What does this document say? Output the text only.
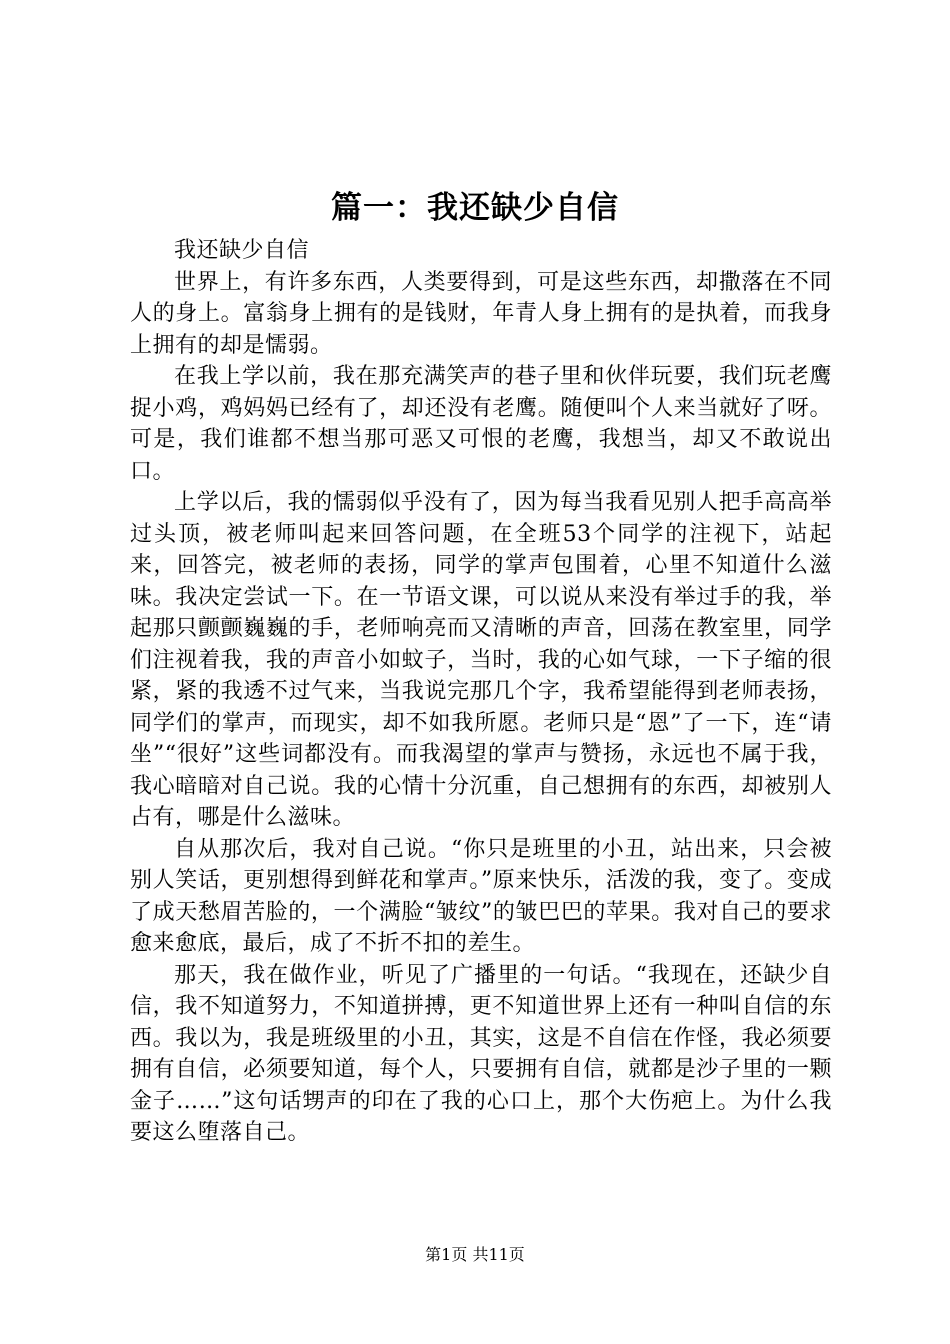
篇一：我还缺少自信

我还缺少自信

世界上，有许多东西，人类要得到，可是这些东西，却撒落在不同人的身上。富翁身上拥有的是钱财，年青人身上拥有的是执着，而我身上拥有的却是懦弱。

在我上学以前，我在那充满笑声的巷子里和伙伴玩要，我们玩老鹰捉小鸡，鸡妈妈已经有了，却还没有老鹰。随便叫个人来当就好了呀。可是，我们谁都不想当那可恶又可恨的老鹰，我想当，却又不敢说出口。

上学以后，我的懦弱似乎没有了，因为每当我看见别人把手高高举过头顶，被老师叫起来回答问题，在全班53个同学的注视下，站起来，回答完，被老师的表扬，同学的掌声包围着，心里不知道什么滋味。我决定尝试一下。在一节语文课，可以说从来没有举过手的我，举起那只颤颤巍巍的手，老师响亮而又清晰的声音，回荡在教室里，同学们注视着我，我的声音小如蚊子，当时，我的心如气球，一下子缩的很紧，紧的我透不过气来，当我说完那几个字，我希望能得到老师表扬，同学们的掌声，而现实，却不如我所愿。老师只是“恩”了一下，连“请坐”“很好”这些词都没有。而我渴望的掌声与赞扬，永远也不属于我，我心暗暗对自己说。我的心情十分沉重，自己想拥有的东西，却被别人占有，哪是什么滋味。

自从那次后，我对自己说。“你只是班里的小丑，站出来，只会被别人笑话，更别想得到鲜花和掌声。”原来快乐，活泼的我，变了。变成了成天愁眉苦脸的，一个满脸“皱纹”的皱巴巴的苹果。我对自己的要求愈来愈底，最后，成了不折不扣的差生。

那天，我在做作业，听见了广播里的一句话。“我现在，还缺少自信，我不知道努力，不知道拼搏，更不知道世界上还有一种叫自信的东西。我以为，我是班级里的小丑，其实，这是不自信在作怪，我必须要拥有自信，必须要知道，每个人，只要拥有自信，就都是沙子里的一颗金子……”这句话甥声的印在了我的心口上，那个大伤疤上。为什么我要这么堕落自己。

第1页 共11页
